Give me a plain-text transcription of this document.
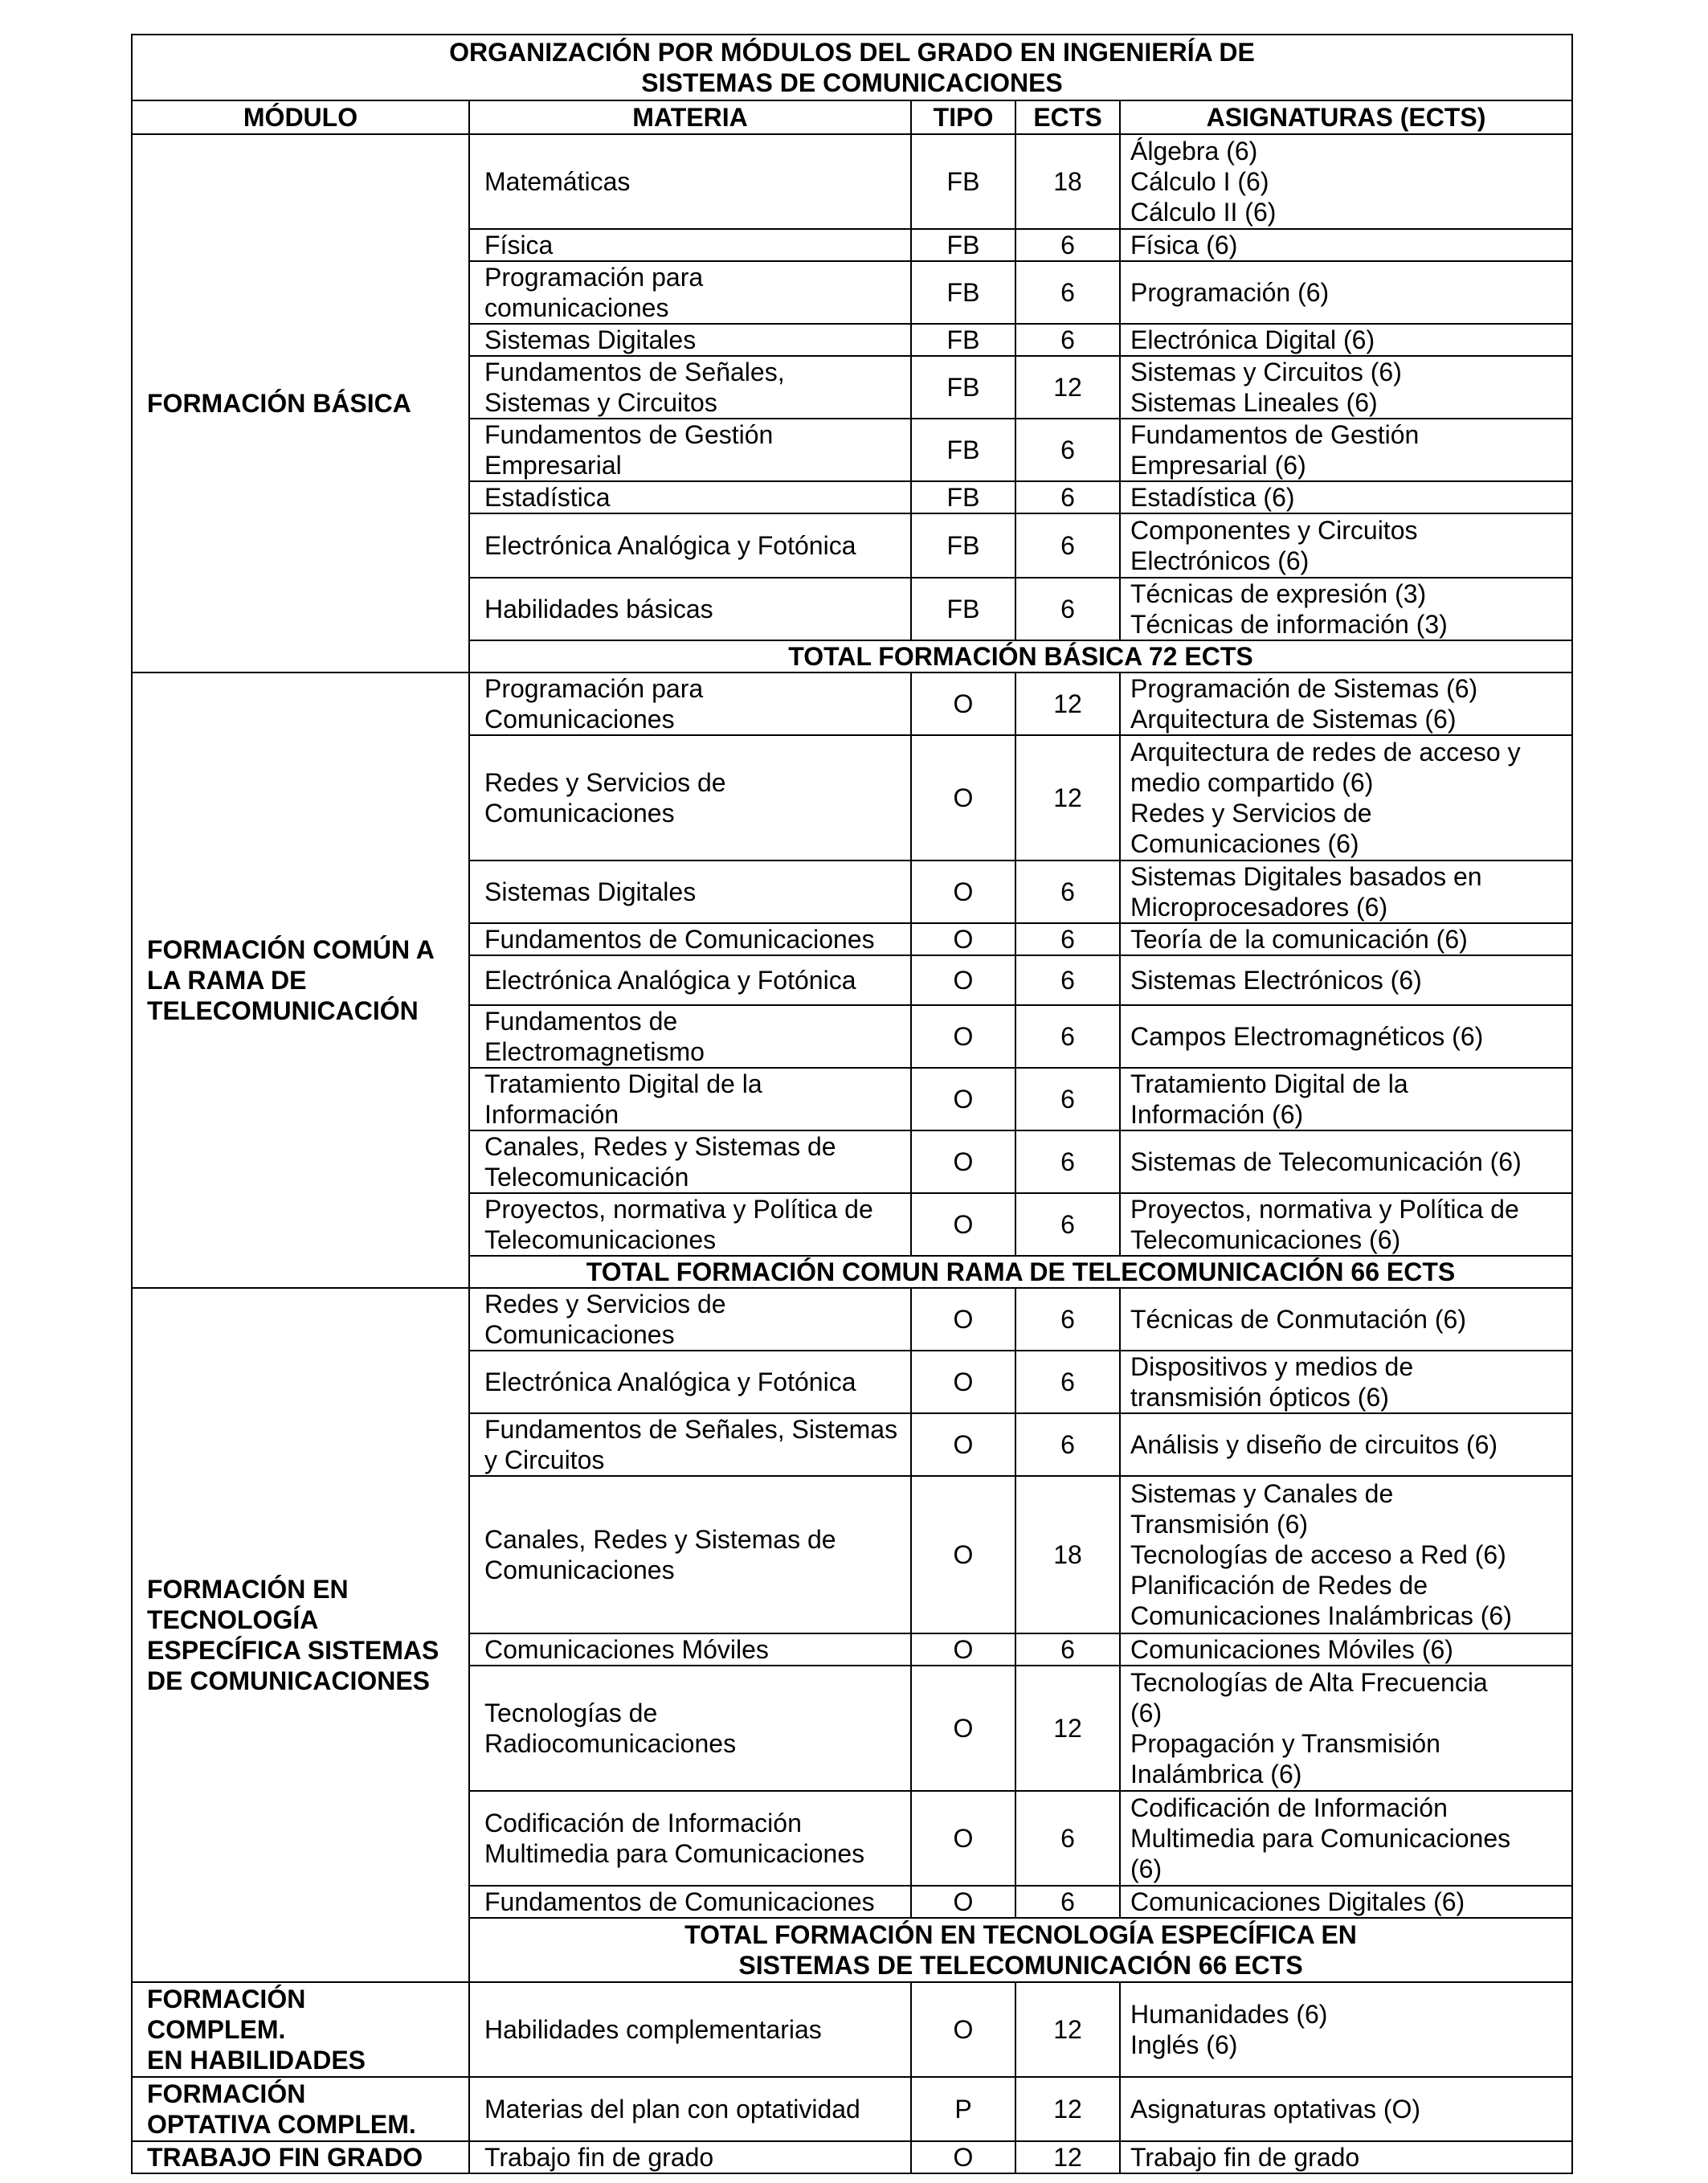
ORGANIZACIÓN POR MÓDULOS DEL GRADO EN INGENIERÍA DE
SISTEMAS DE COMUNICACIONES				

MÓDULO	MATERIA	TIPO	ECTS	ASIGNATURAS (ECTS)

FORMACIÓN BÁSICA	Matemáticas	FB	18	Álgebra (6)
Cálculo I (6)
Cálculo II (6)

	Física	FB	6	Física (6)

	Programación para
comunicaciones	FB	6	Programación (6)

	Sistemas Digitales	FB	6	Electrónica Digital (6)

	Fundamentos de Señales,
Sistemas y Circuitos	FB	12	Sistemas y Circuitos (6)
Sistemas Lineales (6)

	Fundamentos de Gestión
Empresarial	FB	6	Fundamentos de Gestión
Empresarial (6)

	Estadística	FB	6	Estadística (6)

	Electrónica Analógica y Fotónica	FB	6	Componentes y Circuitos
Electrónicos (6)

	Habilidades básicas	FB	6	Técnicas de expresión (3)
Técnicas de información (3)

	TOTAL FORMACIÓN BÁSICA 72 ECTS			

FORMACIÓN COMÚN A
LA RAMA DE
TELECOMUNICACIÓN	Programación para
Comunicaciones	O	12	Programación de Sistemas (6)
Arquitectura de Sistemas (6)

	Redes y Servicios de
Comunicaciones	O	12	Arquitectura de redes de acceso y
medio compartido (6)
Redes y Servicios de
Comunicaciones (6)

	Sistemas Digitales	O	6	Sistemas Digitales basados en
Microprocesadores (6)

	Fundamentos de Comunicaciones	O	6	Teoría de la comunicación (6)

	Electrónica Analógica y Fotónica	O	6	Sistemas Electrónicos (6)

	Fundamentos de
Electromagnetismo	O	6	Campos Electromagnéticos (6)

	Tratamiento Digital de la
Información	O	6	Tratamiento Digital de la
Información (6)

	Canales, Redes y Sistemas de
Telecomunicación	O	6	Sistemas de Telecomunicación (6)

	Proyectos, normativa y Política de
Telecomunicaciones	O	6	Proyectos, normativa y Política de
Telecomunicaciones (6)

	TOTAL FORMACIÓN COMUN RAMA DE TELECOMUNICACIÓN 66 ECTS			

FORMACIÓN EN
TECNOLOGÍA
ESPECÍFICA SISTEMAS
DE COMUNICACIONES	Redes y Servicios de
Comunicaciones	O	6	Técnicas de Conmutación (6)

	Electrónica Analógica y Fotónica	O	6	Dispositivos y medios de
transmisión ópticos (6)

	Fundamentos de Señales, Sistemas
y Circuitos	O	6	Análisis y diseño de circuitos (6)

	Canales, Redes y Sistemas de
Comunicaciones	O	18	Sistemas y Canales de
Transmisión (6)
Tecnologías de acceso a Red (6)
Planificación de Redes de
Comunicaciones Inalámbricas (6)

	Comunicaciones Móviles	O	6	Comunicaciones Móviles (6)

	Tecnologías de
Radiocomunicaciones	O	12	Tecnologías de Alta Frecuencia
(6)
Propagación y Transmisión
Inalámbrica (6)

	Codificación de Información
Multimedia para Comunicaciones	O	6	Codificación de Información
Multimedia para Comunicaciones
(6)

	Fundamentos de Comunicaciones	O	6	Comunicaciones Digitales (6)

	TOTAL FORMACIÓN EN TECNOLOGÍA ESPECÍFICA EN
SISTEMAS DE TELECOMUNICACIÓN 66 ECTS			

FORMACIÓN
COMPLEM.
EN HABILIDADES	Habilidades complementarias	O	12	Humanidades (6)
Inglés (6)

FORMACIÓN
OPTATIVA COMPLEM.	Materias del plan con optatividad	P	12	Asignaturas optativas (O)

TRABAJO FIN GRADO	Trabajo fin de grado	O	12	Trabajo fin de grado
